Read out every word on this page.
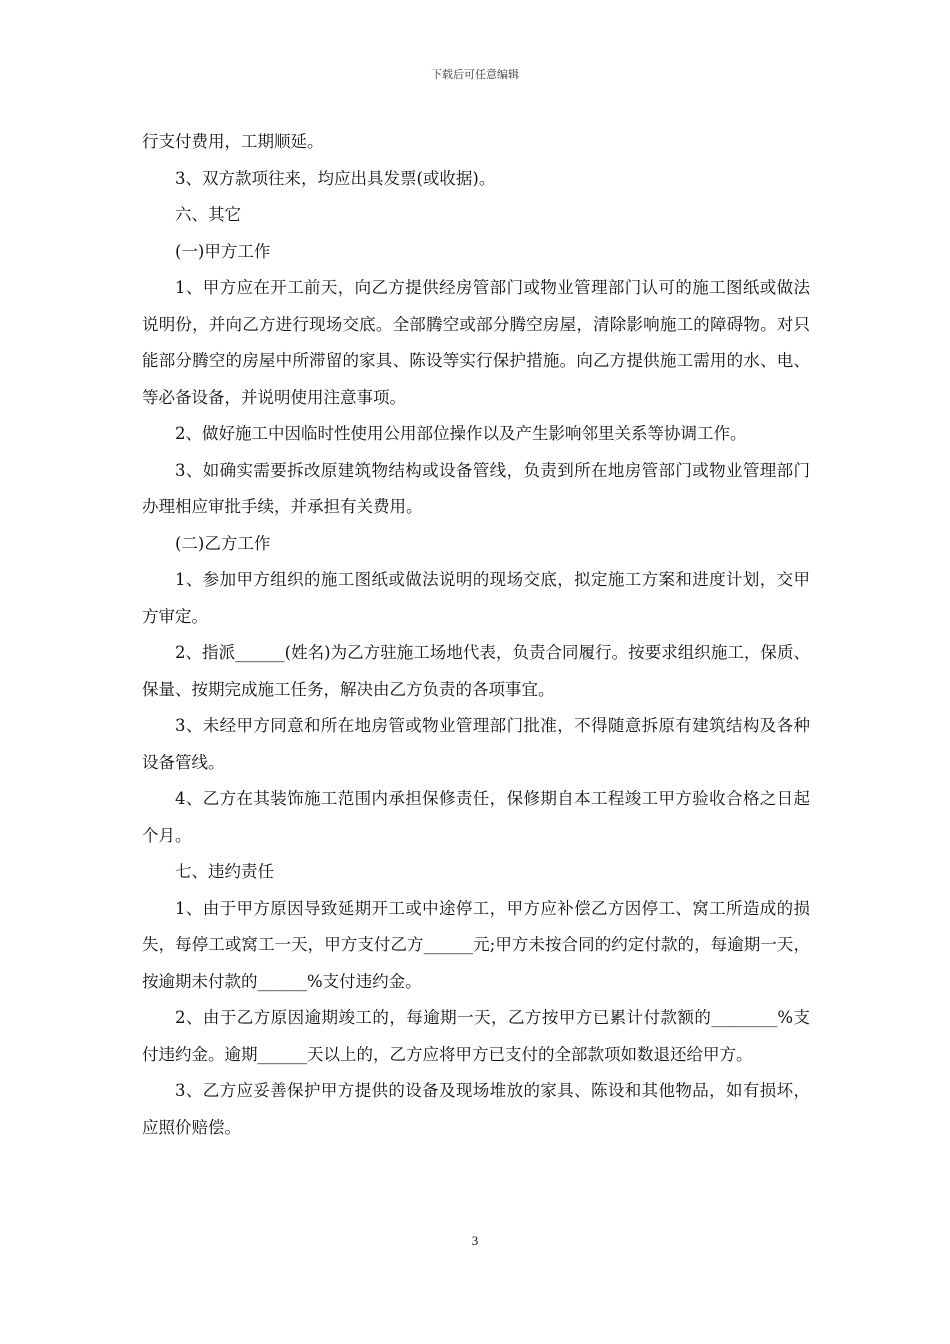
下载后可任意编辑

行支付费用，工期顺延。

3、双方款项往来，均应出具发票(或收据)。

六、其它

(一)甲方工作

1、甲方应在开工前天，向乙方提供经房管部门或物业管理部门认可的施工图纸或做法说明份，并向乙方进行现场交底。全部腾空或部分腾空房屋，清除影响施工的障碍物。对只能部分腾空的房屋中所滞留的家具、陈设等实行保护措施。向乙方提供施工需用的水、电、等必备设备，并说明使用注意事项。

2、做好施工中因临时性使用公用部位操作以及产生影响邻里关系等协调工作。

3、如确实需要拆改原建筑物结构或设备管线，负责到所在地房管部门或物业管理部门办理相应审批手续，并承担有关费用。

(二)乙方工作

1、参加甲方组织的施工图纸或做法说明的现场交底，拟定施工方案和进度计划，交甲方审定。

2、指派______(姓名)为乙方驻施工场地代表，负责合同履行。按要求组织施工，保质、保量、按期完成施工任务，解决由乙方负责的各项事宜。

3、未经甲方同意和所在地房管或物业管理部门批准，不得随意拆原有建筑结构及各种设备管线。

4、乙方在其装饰施工范围内承担保修责任，保修期自本工程竣工甲方验收合格之日起个月。

七、违约责任

1、由于甲方原因导致延期开工或中途停工，甲方应补偿乙方因停工、窝工所造成的损失，每停工或窝工一天，甲方支付乙方______元;甲方未按合同的约定付款的，每逾期一天，按逾期未付款的______%支付违约金。

2、由于乙方原因逾期竣工的，每逾期一天，乙方按甲方已累计付款额的________%支付违约金。逾期______天以上的，乙方应将甲方已支付的全部款项如数退还给甲方。

3、乙方应妥善保护甲方提供的设备及现场堆放的家具、陈设和其他物品，如有损坏，应照价赔偿。

3
